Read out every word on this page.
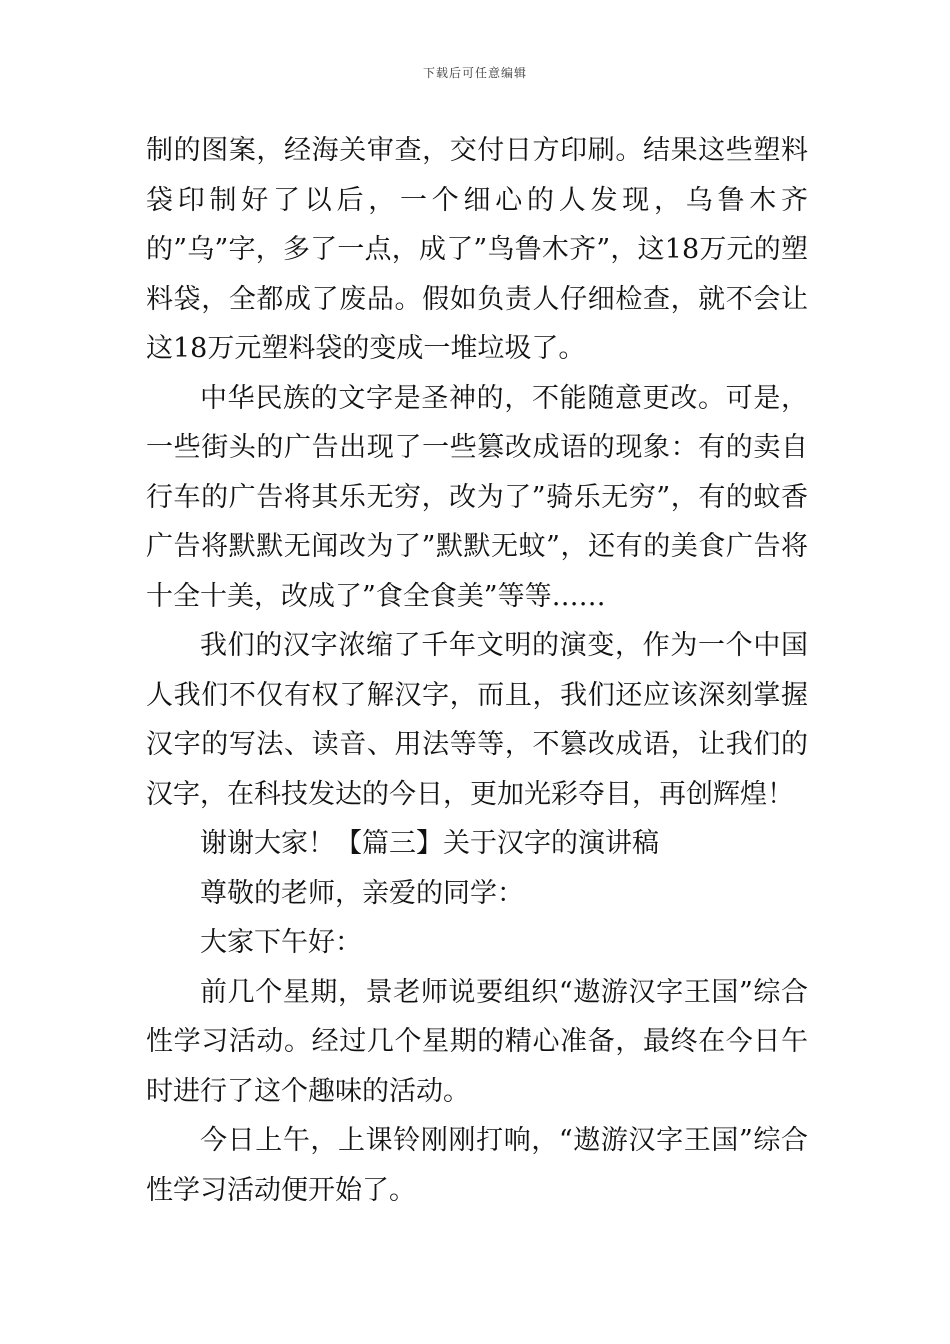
下载后可任意编辑

制的图案，经海关审查，交付日方印刷。结果这些塑料袋印制好了以后，一个细心的人发现，乌鲁木齐的”乌”字，多了一点，成了”鸟鲁木齐”，这18万元的塑料袋，全都成了废品。假如负责人仔细检查，就不会让这18万元塑料袋的变成一堆垃圾了。

中华民族的文字是圣神的，不能随意更改。可是，一些街头的广告出现了一些篡改成语的现象：有的卖自行车的广告将其乐无穷，改为了”骑乐无穷”，有的蚊香广告将默默无闻改为了”默默无蚊”，还有的美食广告将十全十美，改成了”食全食美”等等……

我们的汉字浓缩了千年文明的演变，作为一个中国人我们不仅有权了解汉字，而且，我们还应该深刻掌握汉字的写法、读音、用法等等，不篡改成语，让我们的汉字，在科技发达的今日，更加光彩夺目，再创辉煌！

谢谢大家！【篇三】关于汉字的演讲稿

尊敬的老师，亲爱的同学：

大家下午好：

前几个星期，景老师说要组织“遨游汉字王国”综合性学习活动。经过几个星期的精心准备，最终在今日午时进行了这个趣味的活动。

今日上午，上课铃刚刚打响，“遨游汉字王国”综合性学习活动便开始了。
